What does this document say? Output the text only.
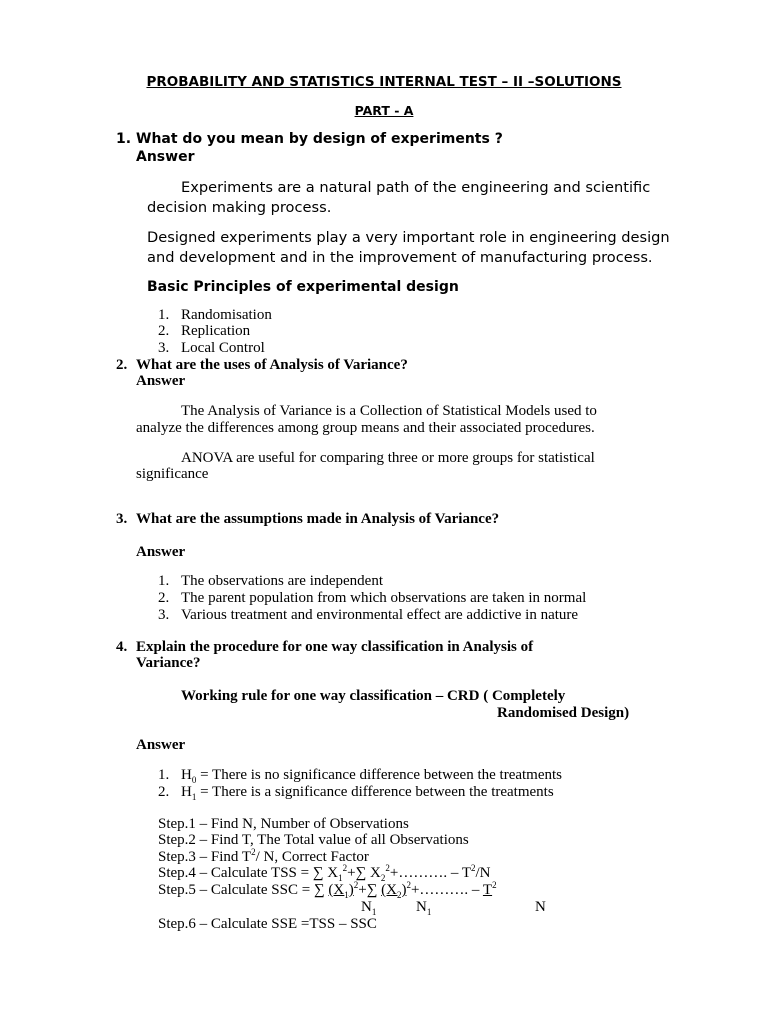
PROBABILITY AND STATISTICS INTERNAL TEST – II –SOLUTIONS
PART - A
1. What do you mean by design of experiments ?
Answer
Experiments are a natural path of the engineering and scientific
decision making process.
Designed experiments play a very important role in engineering design
and development and in the improvement of manufacturing process.
Basic Principles of experimental design
1. Randomisation
2. Replication
3. Local Control
2. What are the uses of Analysis of Variance?
Answer
The Analysis of Variance is a Collection of Statistical Models used to
analyze the differences among group means and their associated procedures.
ANOVA are useful for comparing three or more groups for statistical
significance
3. What are the assumptions made in Analysis of Variance?
Answer
1. The observations are independent
2. The parent population from which observations are taken in normal
3. Various treatment and environmental effect are addictive in nature
4. Explain the procedure for one way classification in Analysis of
Variance?
Working rule for one way classification – CRD ( Completely
Randomised Design)
Answer
1. $H_0$ = There is no significance difference between the treatments
2. $H_1$ = There is a significance difference between the treatments
Step.1 – Find N, Number of Observations
Step.2 – Find T, The Total value of all Observations
Step.3 – Find $T^2/$ N, Correct Factor
Step.4 – Calculate TSS = ∑ $X_1^2+\sum$ $X_2^2+\dots\dots\dots$. – $T^2/N$
Step.5 – Calculate SSC = ∑ $(X_1)^2+\sum$ $(X_2)^2+\dots\dots\dots$. – $T^2$
$N_1$	$N_1$	N
Step.6 – Calculate SSE =TSS – SSC
